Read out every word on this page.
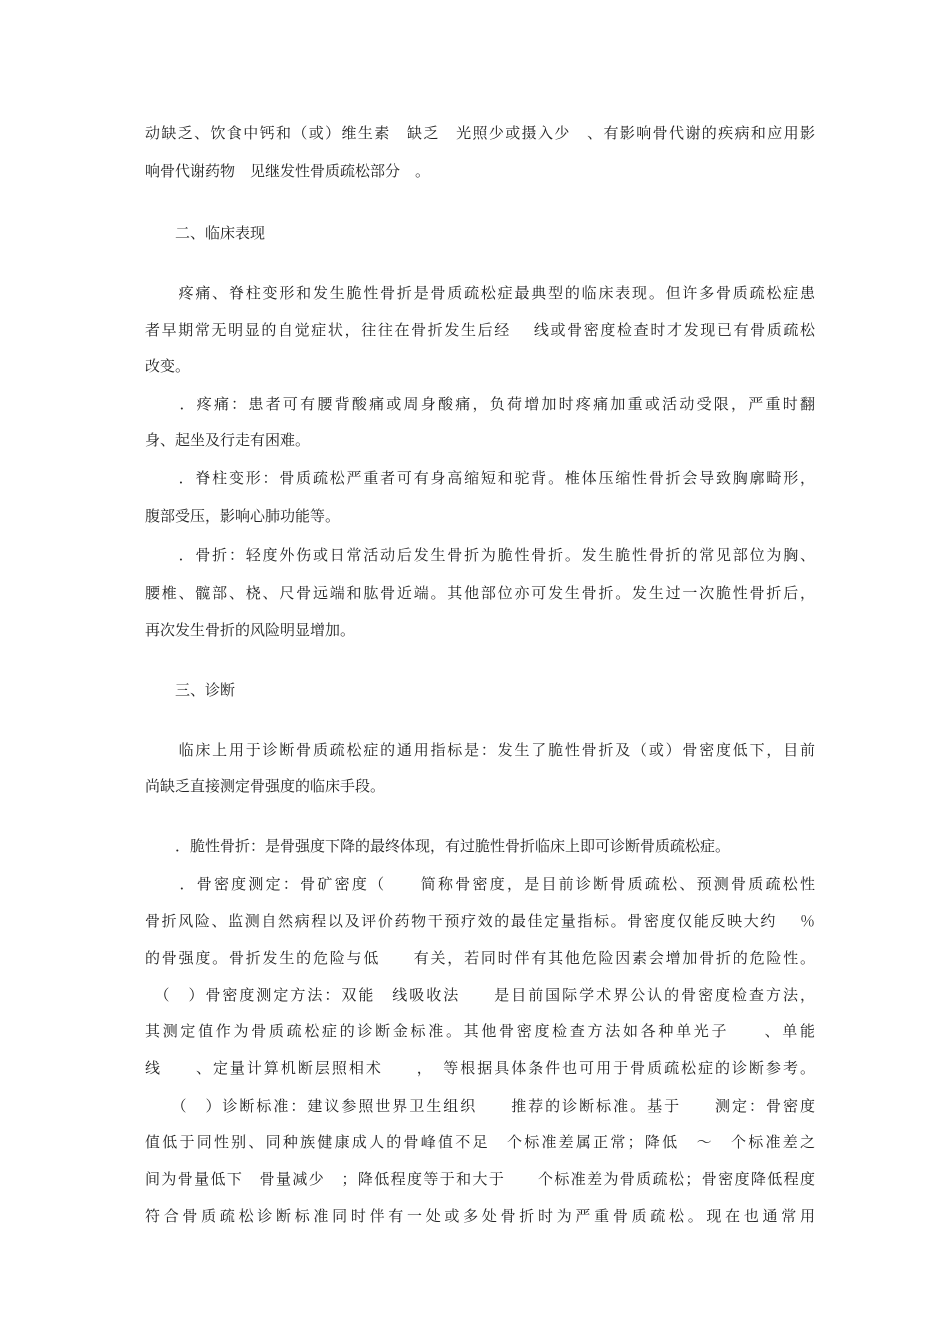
动缺乏、饮食中钙和（或）维生素　缺乏　光照少或摄入少　、有影响骨代谢的疾病和应用影

响骨代谢药物　见继发性骨质疏松部分　。

　　二、临床表现

　　疼痛、脊柱变形和发生脆性骨折是骨质疏松症最典型的临床表现。但许多骨质疏松症患

者早期常无明显的自觉症状，往往在骨折发生后经　 线或骨密度检查时才发现已有骨质疏松

改变。

　　．疼痛：患者可有腰背酸痛或周身酸痛，负荷增加时疼痛加重或活动受限，严重时翻

身、起坐及行走有困难。

　　．脊柱变形：骨质疏松严重者可有身高缩短和驼背。椎体压缩性骨折会导致胸廓畸形，

腹部受压，影响心肺功能等。

　　．骨折：轻度外伤或日常活动后发生骨折为脆性骨折。发生脆性骨折的常见部位为胸、

腰椎、髋部、桡、尺骨远端和肱骨近端。其他部位亦可发生骨折。发生过一次脆性骨折后，

再次发生骨折的风险明显增加。

　　三、诊断

　　临床上用于诊断骨质疏松症的通用指标是：发生了脆性骨折及（或）骨密度低下，目前

尚缺乏直接测定骨强度的临床手段。

　　．脆性骨折：是骨强度下降的最终体现，有过脆性骨折临床上即可诊断骨质疏松症。

　　．骨密度测定：骨矿密度（　　简称骨密度，是目前诊断骨质疏松、预测骨质疏松性

骨折风险、监测自然病程以及评价药物干预疗效的最佳定量指标。骨密度仅能反映大约　 ％

的骨强度。骨折发生的危险与低　　有关，若同时伴有其他危险因素会增加骨折的危险性。

　（　）骨密度测定方法：双能　线吸收法　　是目前国际学术界公认的骨密度检查方法，

其测定值作为骨质疏松症的诊断金标准。其他骨密度检查方法如各种单光子　　、单能

线　　、定量计算机断层照相术　　，　等根据具体条件也可用于骨质疏松症的诊断参考。

　　（　）诊断标准：建议参照世界卫生组织　　推荐的诊断标准。基于　　测定：骨密度

值低于同性别、同种族健康成人的骨峰值不足　个标准差属正常；降低　～　个标准差之

间为骨量低下　骨量减少　；降低程度等于和大于　　个标准差为骨质疏松；骨密度降低程度

符合骨质疏松诊断标准同时伴有一处或多处骨折时为严重骨质疏松。现在也通常用
